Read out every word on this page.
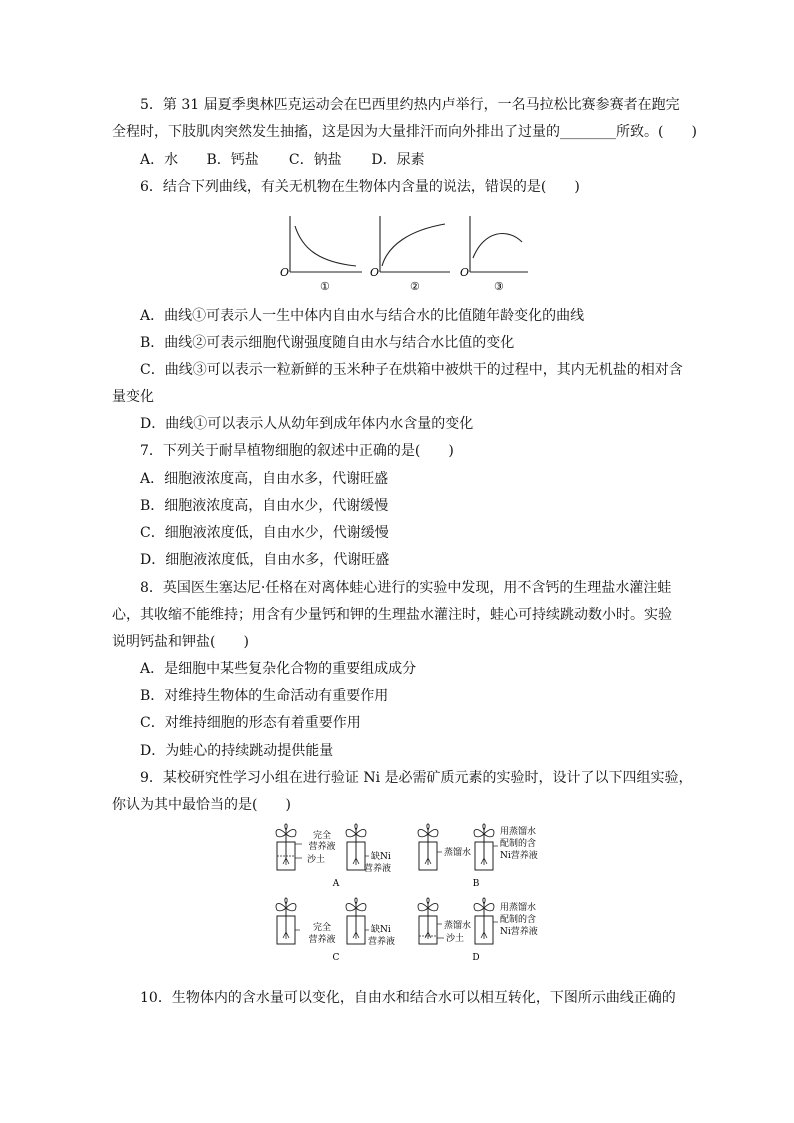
5．第 31 届夏季奥林匹克运动会在巴西里约热内卢举行，一名马拉松比赛参赛者在跑完
全程时，下肢肌肉突然发生抽搐，这是因为大量排汗而向外排出了过量的________所致。(　　)
A．水 B．钙盐 C．钠盐 D．尿素
6．结合下列曲线，有关无机物在生物体内含量的说法，错误的是(　　)
O	O	O
①	②	③
A．曲线①可表示人一生中体内自由水与结合水的比值随年龄变化的曲线
B．曲线②可表示细胞代谢强度随自由水与结合水比值的变化
C．曲线③可以表示一粒新鲜的玉米种子在烘箱中被烘干的过程中，其内无机盐的相对含
量变化
D．曲线①可以表示人从幼年到成年体内水含量的变化
7．下列关于耐旱植物细胞的叙述中正确的是(　　)
A．细胞液浓度高，自由水多，代谢旺盛
B．细胞液浓度高，自由水少，代谢缓慢
C．细胞液浓度低，自由水少，代谢缓慢
D．细胞液浓度低，自由水多，代谢旺盛
8．英国医生塞达尼·任格在对离体蛙心进行的实验中发现，用不含钙的生理盐水灌注蛙
心，其收缩不能维持；用含有少量钙和钾的生理盐水灌注时，蛙心可持续跳动数小时。实验
说明钙盐和钾盐(　　)
A．是细胞中某些复杂化合物的重要组成成分
B．对维持生物体的生命活动有重要作用
C．对维持细胞的形态有着重要作用
D．为蛙心的持续跳动提供能量
9．某校研究性学习小组在进行验证 Ni 是必需矿质元素的实验时，设计了以下四组实验，
你认为其中最恰当的是(　　)
完全
营养液
沙土	缺Ni
营养液
A
蒸馏水
用蒸馏水
配制的含
Ni营养液
B
完全
营养液
缺Ni
营养液
C
蒸馏水
沙土
用蒸馏水
配制的含
Ni营养液
D
10．生物体内的含水量可以变化，自由水和结合水可以相互转化，下图所示曲线正确的
